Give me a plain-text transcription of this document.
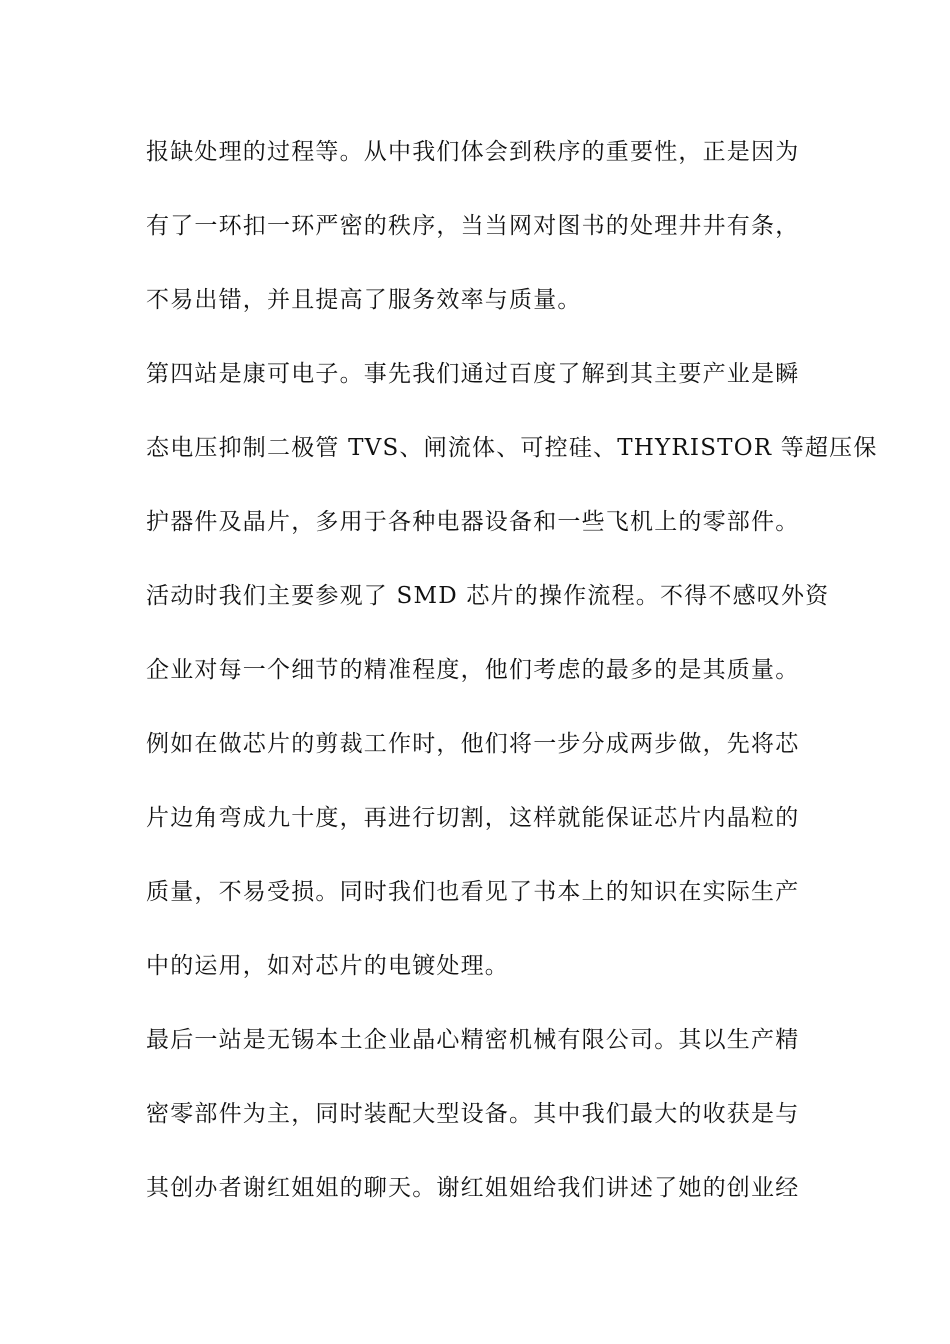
报缺处理的过程等。从中我们体会到秩序的重要性，正是因为
有了一环扣一环严密的秩序，当当网对图书的处理井井有条，
不易出错，并且提高了服务效率与质量。
第四站是康可电子。事先我们通过百度了解到其主要产业是瞬
态电压抑制二极管 TVS、闸流体、可控硅、THYRISTOR 等超压保
护器件及晶片，多用于各种电器设备和一些飞机上的零部件。
活动时我们主要参观了 SMD 芯片的操作流程。不得不感叹外资
企业对每一个细节的精准程度，他们考虑的最多的是其质量。
例如在做芯片的剪裁工作时，他们将一步分成两步做，先将芯
片边角弯成九十度，再进行切割，这样就能保证芯片内晶粒的
质量，不易受损。同时我们也看见了书本上的知识在实际生产
中的运用，如对芯片的电镀处理。
最后一站是无锡本土企业晶心精密机械有限公司。其以生产精
密零部件为主，同时装配大型设备。其中我们最大的收获是与
其创办者谢红姐姐的聊天。谢红姐姐给我们讲述了她的创业经
